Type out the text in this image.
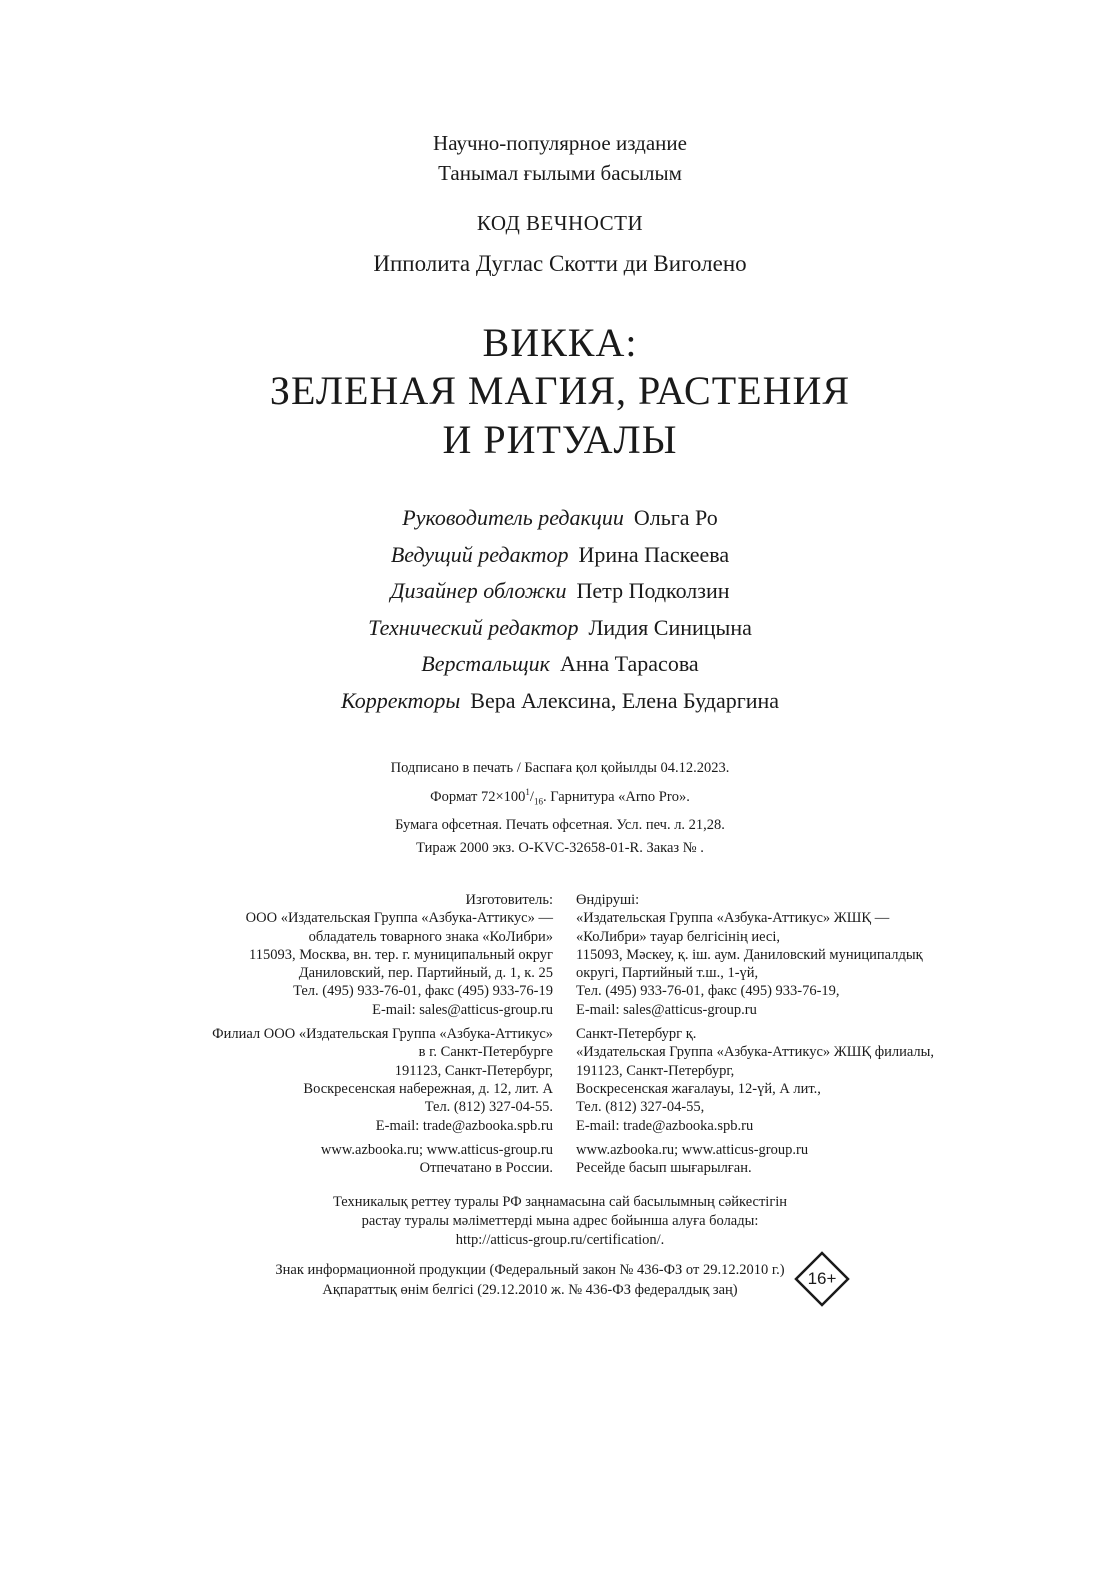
Научно-популярное издание
Танымал ғылыми басылым
КОД ВЕЧНОСТИ
Ипполита Дуглас Скотти ди Виголено
ВИККА:
ЗЕЛЕНАЯ МАГИЯ, РАСТЕНИЯ
И РИТУАЛЫ
Руководитель редакции Ольга Ро
Ведущий редактор Ирина Паскеева
Дизайнер обложки Петр Подколзин
Технический редактор Лидия Синицына
Верстальщик Анна Тарасова
Корректоры Вера Алексина, Елена Бударгина
Подписано в печать / Баспаға қол қойылды 04.12.2023.
Формат $72\times 100^1/_{16}$. Гарнитура «Arno Pro».
Бумага офсетная. Печать офсетная. Усл. печ. л. 21,28.
Тираж 2000 экз. O-KVC-32658-01-R. Заказ № .
Изготовитель:
ООО «Издательская Группа «Азбука-Аттикус» —
обладатель товарного знака «КоЛибри»
115093, Москва, вн. тер. г. муниципальный округ
Даниловский, пер. Партийный, д. 1, к. 25
Тел. (495) 933-76-01, факс (495) 933-76-19
E-mail: sales@atticus-group.ru
Филиал ООО «Издательская Группа «Азбука-Аттикус»
в г. Санкт-Петербурге
191123, Санкт-Петербург,
Воскресенская набережная, д. 12, лит. А
Тел. (812) 327-04-55.
E-mail: trade@azbooka.spb.ru
www.azbooka.ru; www.atticus-group.ru
Отпечатано в России.
Өндіруші:
«Издательская Группа «Азбука-Аттикус» ЖШҚ —
«КоЛибри» тауар белгісінің иесі,
115093, Мәскеу, қ. іш. аум. Даниловский муниципалдық
округі, Партийный т.ш., 1-үй,
Тел. (495) 933-76-01, факс (495) 933-76-19,
E-mail: sales@atticus-group.ru
Санкт-Петербург қ.
«Издательская Группа «Азбука-Аттикус» ЖШҚ филиалы,
191123, Санкт-Петербург,
Воскресенская жағалауы, 12-үй, А лит.,
Тел. (812) 327-04-55,
E-mail: trade@azbooka.spb.ru
www.azbooka.ru; www.atticus-group.ru
Ресейде басып шығарылған.
Техникалық реттеу туралы РФ заңнамасына сай басылымның сәйкестігін
растау туралы мәліметтерді мына адрес бойынша алуға болады:
http://atticus-group.ru/certification/.
Знак информационной продукции (Федеральный закон № 436-ФЗ от 29.12.2010 г.)
Ақпараттық өнім белгісі (29.12.2010 ж. № 436-ФЗ федералдық заң)
16+
